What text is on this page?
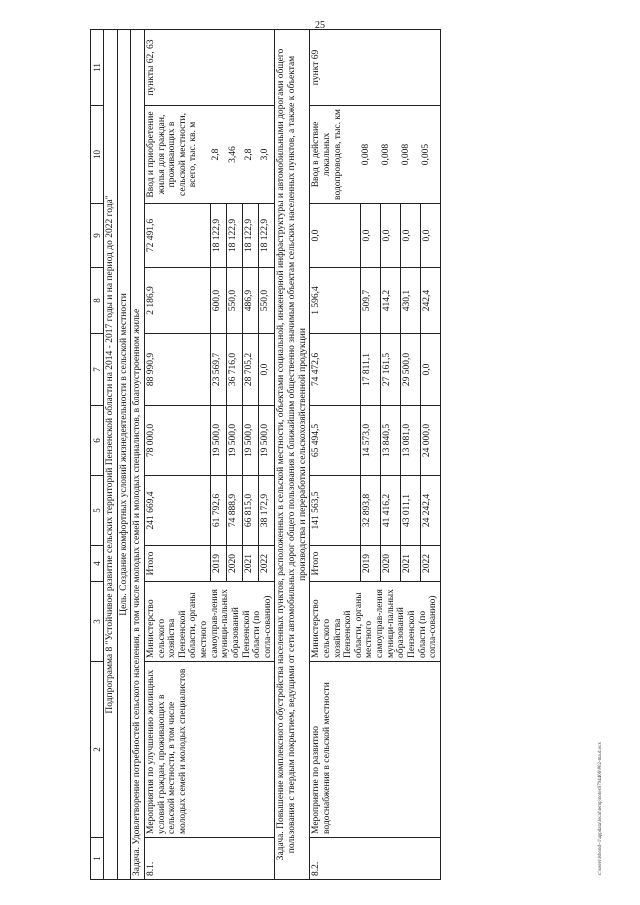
25
1	2	3	4	5	6	7	8	9	10	11
Подпрограмма 8 "Устойчивое развитие сельских территорий Пензенской области на 2014 - 2017 годы и на период до 2022 года"										
Цель. Создание комфортных условий жизнедеятельности в сельской местности										
Задача. Удовлетворение потребностей сельского населения, в том числе молодых семей и молодых специалистов, в благоустроенном жилье										
8.1.	Мероприятия по улучшению жилищных условий граждан, проживающих в сельской местности, в том числе молодых семей и молодых специалистов	Министерство сельского хозяйства Пензенской области, органы местного самоуправ-ления муници-пальных образований Пензенской области (по согла-сованию)	Итого	241 669,4	78 000,0	88 990,9	2 186,9	72 491,6	Ввод и приобретение жилья для граждан, проживающих в сельской местности, всего, тыс. кв. м	пункты 62, 63
			2019	61 792,6	19 500,0	23 569,7	600,0	18 122,9	2,8	
			2020	74 888,9	19 500,0	36 716,0	550,0	18 122,9	3,46	
			2021	66 815,0	19 500,0	28 705,2	486,9	18 122,9	2,8	
			2022	38 172,9	19 500,0	0,0	550,0	18 122,9	3,0	
Задача. Повышение комплексного обустройства населенных пунктов, расположенных в сельской местности, объектами социальной, инженерной инфраструктуры и автомобильными дорогами общего пользования с твердым покрытием, ведущими от сети автомобильных дорог общего пользования к ближайшим общественно значимым объектам сельских населенных пунктов, а также к объектам производства и переработки сельскохозяйственной продукции										
8.2.	Мероприятие по развитию водоснабжения в сельской местности	Министерство сельского хозяйства Пензенской области, органы местного самоуправ-ления муници-пальных образований Пензенской области (по согла-сованию)	Итого	141 563,5	65 494,5	74 472,6	1 596,4	0,0	Ввод в действие локальных водопроводов, тыс. км	пункт 69
			2019	32 893,8	14 573,0	17 811,1	509,7	0,0	0,008	
			2020	41 416,2	13 840,5	27 161,5	414,2	0,0	0,008	
			2021	43 011,1	13 081,0	29 500,0	430,1	0,0	0,008	
			2022	24 242,4	24 000,0	0,0	242,4	0,0	0,005	
c:\users\lsbond~1\appdata\local\temp\notes9794406\#02-ma.d.ocx
